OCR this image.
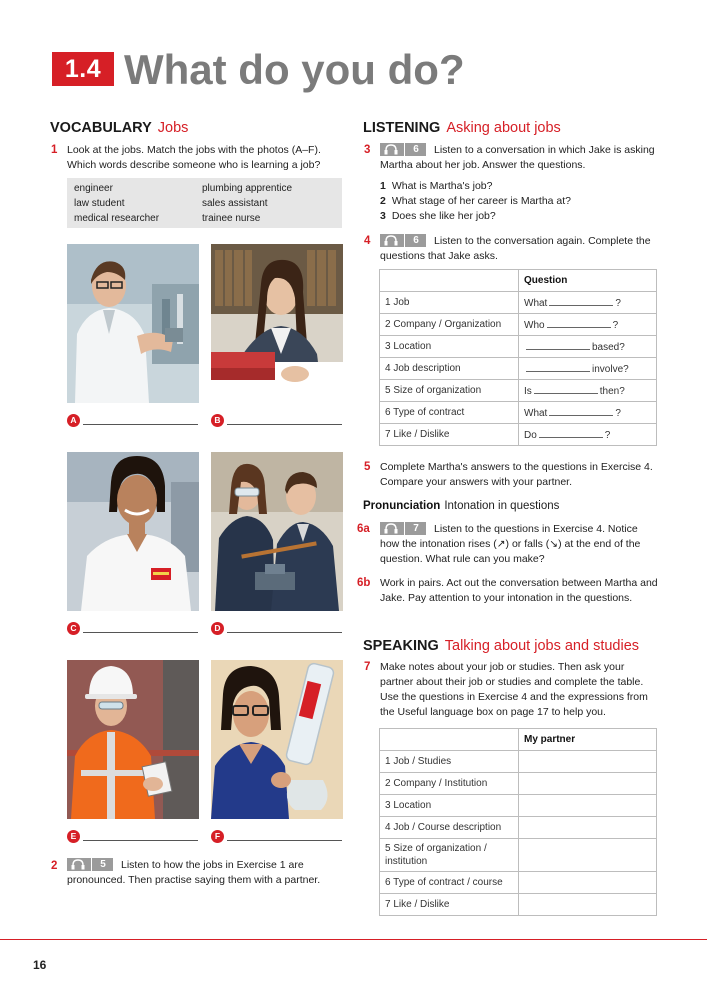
1.4 What do you do?
VOCABULARY Jobs
1 Look at the jobs. Match the jobs with the photos (A–F). Which words describe someone who is learning a job?
engineer
law student
medical researcher
plumbing apprentice
sales assistant
trainee nurse
A	B
C	D
E	F
2	5	Listen to how the jobs in Exercise 1 are pronounced. Then practise saying them with a partner.
LISTENING Asking about jobs
3	6	Listen to a conversation in which Jake is asking Martha about her job. Answer the questions.
1 What is Martha's job?
2 What stage of her career is Martha at?
3 Does she like her job?
4	6	Listen to the conversation again. Complete the questions that Jake asks.
	Question
1 Job	What ?
2 Company / Organization	Who ?
3 Location	based?
4 Job description	involve?
5 Size of organization	Is then?
6 Type of contract	What ?
7 Like / Dislike	Do ?
5 Complete Martha's answers to the questions in Exercise 4. Compare your answers with your partner.
Pronunciation Intonation in questions
6a	7	Listen to the questions in Exercise 4. Notice how the intonation rises (↗) or falls (↘) at the end of the question. What rule can you make?
6b Work in pairs. Act out the conversation between Martha and Jake. Pay attention to your intonation in the questions.
SPEAKING Talking about jobs and studies
7 Make notes about your job or studies. Then ask your partner about their job or studies and complete the table. Use the questions in Exercise 4 and the expressions from the Useful language box on page 17 to help you.
	My partner
1 Job / Studies	
2 Company / Institution	
3 Location	
4 Job / Course description	
5 Size of organization / institution	
6 Type of contract / course	
7 Like / Dislike	
16
